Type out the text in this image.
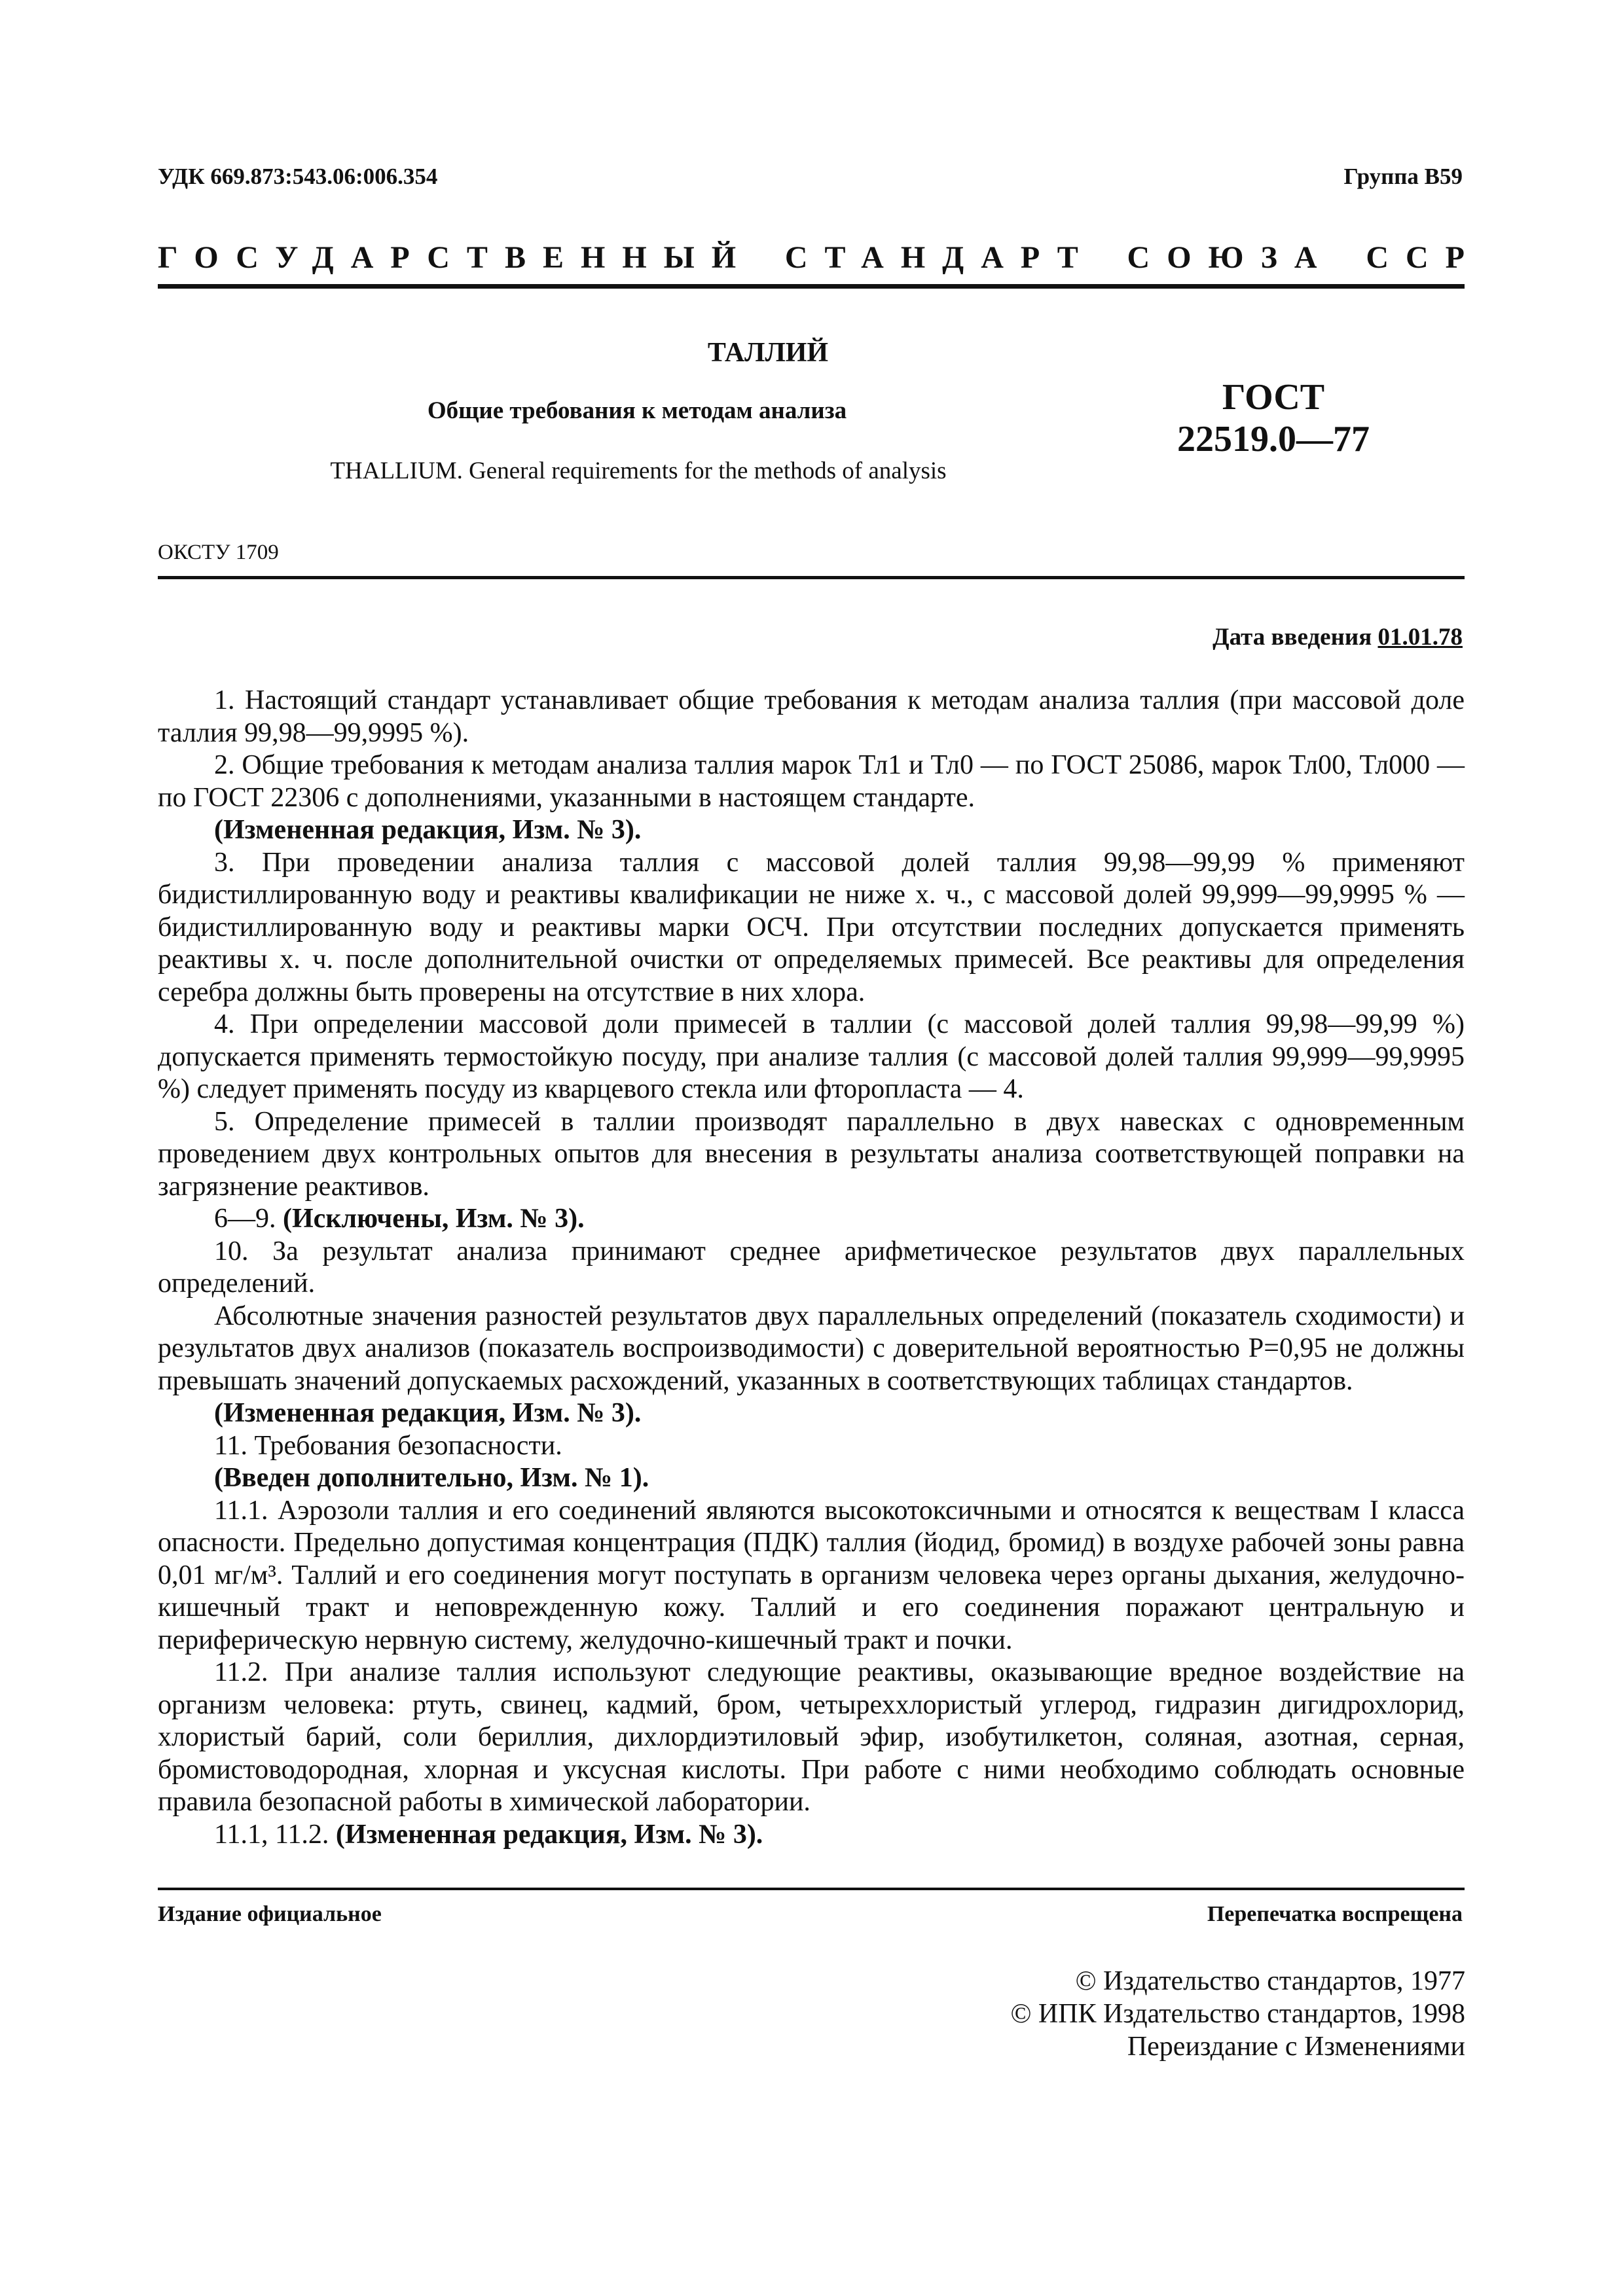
УДК 669.873:543.06:006.354	Группа В59
ГОСУДАРСТВЕННЫЙ СТАНДАРТ СОЮЗА ССР
ТАЛЛИЙ
Общие требования к методам анализа
THALLIUM. General requirements for the methods of analysis
ГОСТ
22519.0—77
ОКСТУ 1709
Дата введения 01.01.78

1. Настоящий стандарт устанавливает общие требования к методам анализа таллия (при массовой доле таллия 99,98—99,9995 %).

2. Общие требования к методам анализа таллия марок Тл1 и Тл0 — по ГОСТ 25086, марок Тл00, Тл000 — по ГОСТ 22306 с дополнениями, указанными в настоящем стандарте.

(Измененная редакция, Изм. № 3).

3. При проведении анализа таллия с массовой долей таллия 99,98—99,99 % применяют бидистиллированную воду и реактивы квалификации не ниже х. ч., с массовой долей 99,999—99,9995 % — бидистиллированную воду и реактивы марки ОСЧ. При отсутствии последних допускается применять реактивы х. ч. после дополнительной очистки от определяемых примесей. Все реактивы для определения серебра должны быть проверены на отсутствие в них хлора.

4. При определении массовой доли примесей в таллии (с массовой долей таллия 99,98—99,99 %) допускается применять термостойкую посуду, при анализе таллия (с массовой долей таллия 99,999—99,9995 %) следует применять посуду из кварцевого стекла или фторопласта — 4.

5. Определение примесей в таллии производят параллельно в двух навесках с одновременным проведением двух контрольных опытов для внесения в результаты анализа соответствующей поправки на загрязнение реактивов.

6—9. (Исключены, Изм. № 3).

10. За результат анализа принимают среднее арифметическое результатов двух параллельных определений.

Абсолютные значения разностей результатов двух параллельных определений (показатель сходимости) и результатов двух анализов (показатель воспроизводимости) с доверительной вероятностью P=0,95 не должны превышать значений допускаемых расхождений, указанных в соответствующих таблицах стандартов.

(Измененная редакция, Изм. № 3).

11. Требования безопасности.

(Введен дополнительно, Изм. № 1).

11.1. Аэрозоли таллия и его соединений являются высокотоксичными и относятся к веществам I класса опасности. Предельно допустимая концентрация (ПДК) таллия (йодид, бромид) в воздухе рабочей зоны равна 0,01 мг/м³. Таллий и его соединения могут поступать в организм человека через органы дыхания, желудочно-кишечный тракт и неповрежденную кожу. Таллий и его соединения поражают центральную и периферическую нервную систему, желудочно-кишечный тракт и почки.

11.2. При анализе таллия используют следующие реактивы, оказывающие вредное воздействие на организм человека: ртуть, свинец, кадмий, бром, четыреххлористый углерод, гидразин дигидрохлорид, хлористый барий, соли бериллия, дихлордиэтиловый эфир, изобутилкетон, соляная, азотная, серная, бромистоводородная, хлорная и уксусная кислоты. При работе с ними необходимо соблюдать основные правила безопасной работы в химической лаборатории.

11.1, 11.2. (Измененная редакция, Изм. № 3).

Издание официальное	Перепечатка воспрещена
© Издательство стандартов, 1977
© ИПК Издательство стандартов, 1998
Переиздание с Изменениями
